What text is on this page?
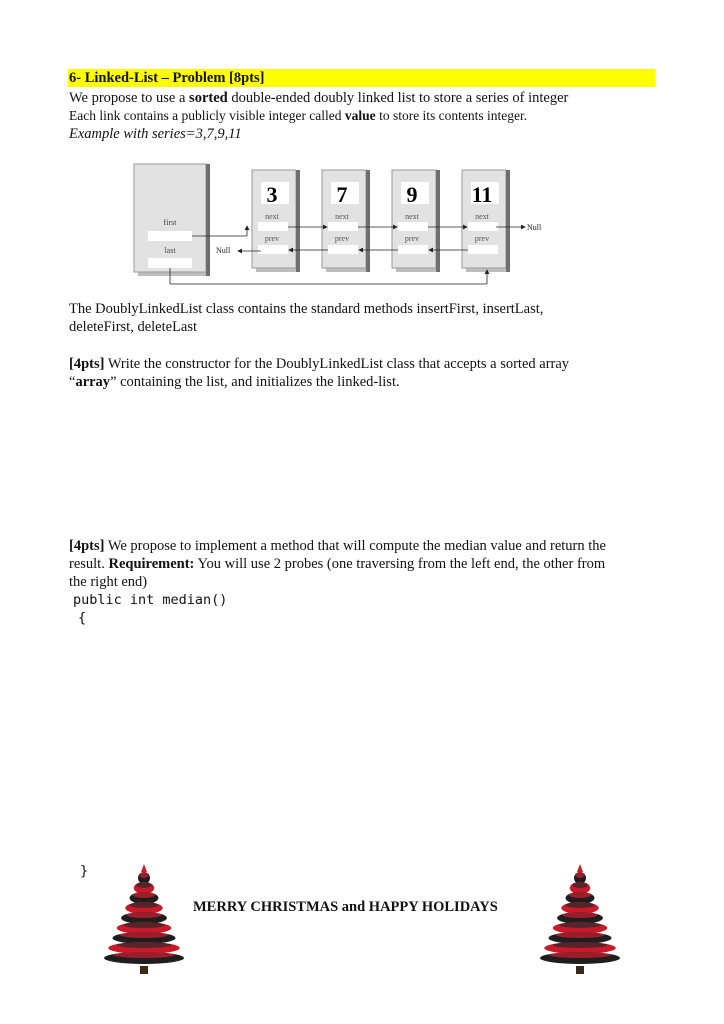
6- Linked-List – Problem [8pts]
We propose to use a sorted double-ended doubly linked list to store a series of integer
Each link contains a publicly visible integer called value to store its contents integer.
Example with series=3,7,9,11
first
last
3
next
prev
7
next
prev
9
next
prev
11
next
prev
Null
Null
The DoublyLinkedList class contains the standard methods insertFirst, insertLast,
deleteFirst, deleteLast
[4pts] Write the constructor for the DoublyLinkedList class that accepts a sorted array
“array” containing the list, and initializes the linked-list.
[4pts] We propose to implement a method that will compute the median value and return the
result. Requirement: You will use 2 probes (one traversing from the left end, the other from
the right end)
public int median()
{
}
MERRY CHRISTMAS and HAPPY HOLIDAYS
